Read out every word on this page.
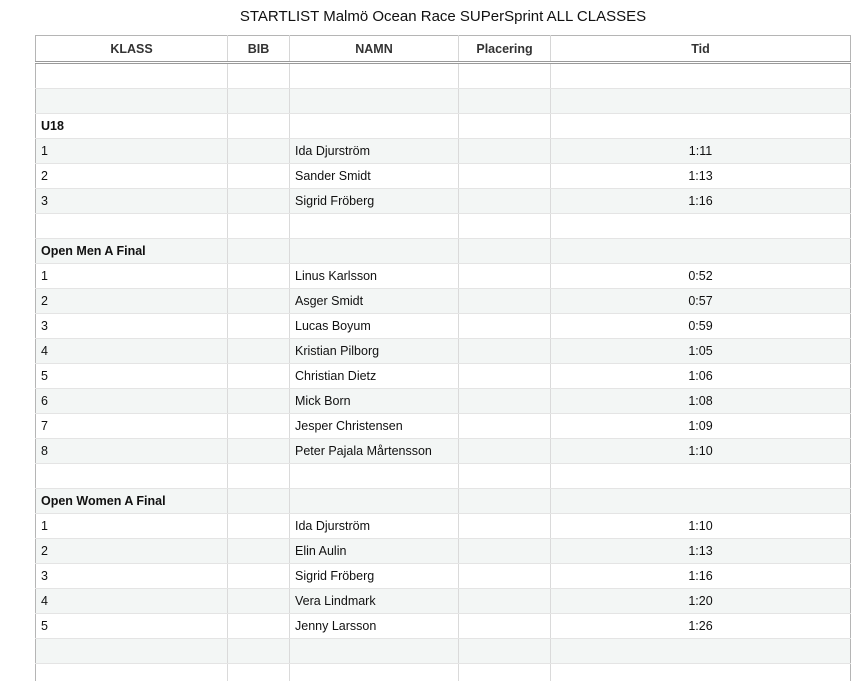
STARTLIST Malmö Ocean Race SUPerSprint ALL CLASSES
KLASS	BIB	NAMN	Placering	Tid

U18				
1		Ida Djurström		1:11
2		Sander Smidt		1:13
3		Sigrid Fröberg		1:16

Open Men A Final				
1		Linus Karlsson		0:52
2		Asger Smidt		0:57
3		Lucas Boyum		0:59
4		Kristian Pilborg		1:05
5		Christian Dietz		1:06
6		Mick Born		1:08
7		Jesper Christensen		1:09
8		Peter Pajala Mårtensson		1:10

Open Women A Final				
1		Ida Djurström		1:10
2		Elin Aulin		1:13
3		Sigrid Fröberg		1:16
4		Vera Lindmark		1:20
5		Jenny Larsson		1:26
